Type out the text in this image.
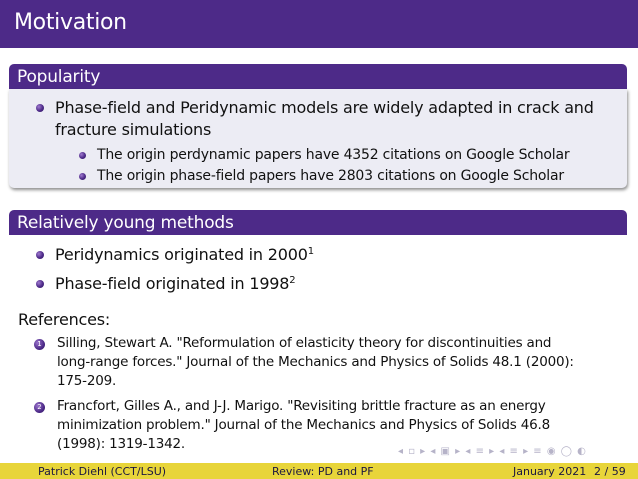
Motivation
Popularity
Phase-field and Peridynamic models are widely adapted in crack and
fracture simulations
The origin perdynamic papers have 4352 citations on Google Scholar
The origin phase-field papers have 2803 citations on Google Scholar
Relatively young methods
Peridynamics originated in 2000$^1$
Phase-field originated in 1998$^2$
References:
1 Silling, Stewart A. "Reformulation of elasticity theory for discontinuities and
long-range forces." Journal of the Mechanics and Physics of Solids 48.1 (2000):
175-209.
2 Francfort, Gilles A., and J-J. Marigo. "Revisiting brittle fracture as an energy
minimization problem." Journal of the Mechanics and Physics of Solids 46.8
(1998): 1319-1342.	◂ ▫ ▸ ◂ ▣ ▸ ◂ ≡ ▸ ◂ ≡ ▸ ≡ ◉ ◯ ◐
Patrick Diehl (CCT/LSU)	Review: PD and PF	January 2021 2 / 59
